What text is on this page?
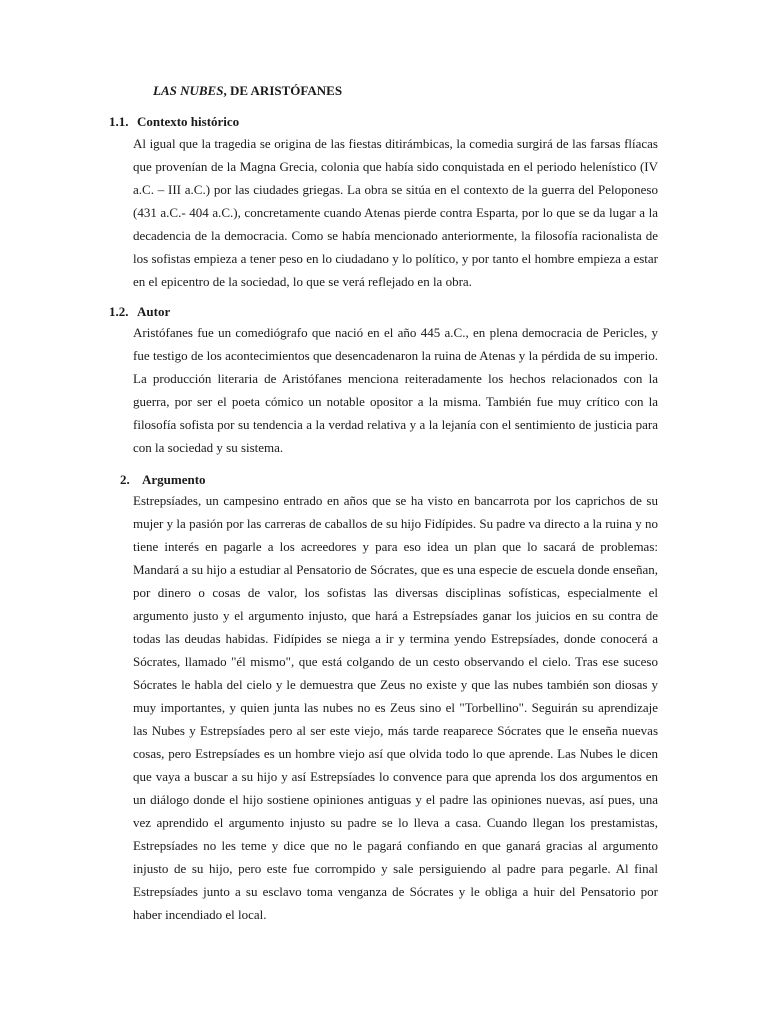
LAS NUBES, DE ARISTÓFANES
1.1. Contexto histórico

Al igual que la tragedia se origina de las fiestas ditirámbicas, la comedia surgirá de las farsas flíacas que provenían de la Magna Grecia, colonia que había sido conquistada en el periodo helenístico (IV a.C. – III a.C.) por las ciudades griegas. La obra se sitúa en el contexto de la guerra del Peloponeso (431 a.C.- 404 a.C.), concretamente cuando Atenas pierde contra Esparta, por lo que se da lugar a la decadencia de la democracia. Como se había mencionado anteriormente, la filosofía racionalista de los sofistas empieza a tener peso en lo ciudadano y lo político, y por tanto el hombre empieza a estar en el epicentro de la sociedad, lo que se verá reflejado en la obra.

1.2. Autor

Aristófanes fue un comediógrafo que nació en el año 445 a.C., en plena democracia de Pericles, y fue testigo de los acontecimientos que desencadenaron la ruina de Atenas y la pérdida de su imperio. La producción literaria de Aristófanes menciona reiteradamente los hechos relacionados con la guerra, por ser el poeta cómico un notable opositor a la misma. También fue muy crítico con la filosofía sofista por su tendencia a la verdad relativa y a la lejanía con el sentimiento de justicia para con la sociedad y su sistema.

2. Argumento

Estrepsíades, un campesino entrado en años que se ha visto en bancarrota por los caprichos de su mujer y la pasión por las carreras de caballos de su hijo Fidípides. Su padre va directo a la ruina y no tiene interés en pagarle a los acreedores y para eso idea un plan que lo sacará de problemas: Mandará a su hijo a estudiar al Pensatorio de Sócrates, que es una especie de escuela donde enseñan, por dinero o cosas de valor, los sofistas las diversas disciplinas sofísticas, especialmente el argumento justo y el argumento injusto, que hará a Estrepsíades ganar los juicios en su contra de todas las deudas habidas. Fidípides se niega a ir y termina yendo Estrepsíades, donde conocerá a Sócrates, llamado "él mismo", que está colgando de un cesto observando el cielo. Tras ese suceso Sócrates le habla del cielo y le demuestra que Zeus no existe y que las nubes también son diosas y muy importantes, y quien junta las nubes no es Zeus sino el "Torbellino". Seguirán su aprendizaje las Nubes y Estrepsíades pero al ser este viejo, más tarde reaparece Sócrates que le enseña nuevas cosas, pero Estrepsíades es un hombre viejo así que olvida todo lo que aprende. Las Nubes le dicen que vaya a buscar a su hijo y así Estrepsíades lo convence para que aprenda los dos argumentos en un diálogo donde el hijo sostiene opiniones antiguas y el padre las opiniones nuevas, así pues, una vez aprendido el argumento injusto su padre se lo lleva a casa. Cuando llegan los prestamistas, Estrepsíades no les teme y dice que no le pagará confiando en que ganará gracias al argumento injusto de su hijo, pero este fue corrompido y sale persiguiendo al padre para pegarle. Al final Estrepsíades junto a su esclavo toma venganza de Sócrates y le obliga a huir del Pensatorio por haber incendiado el local.
